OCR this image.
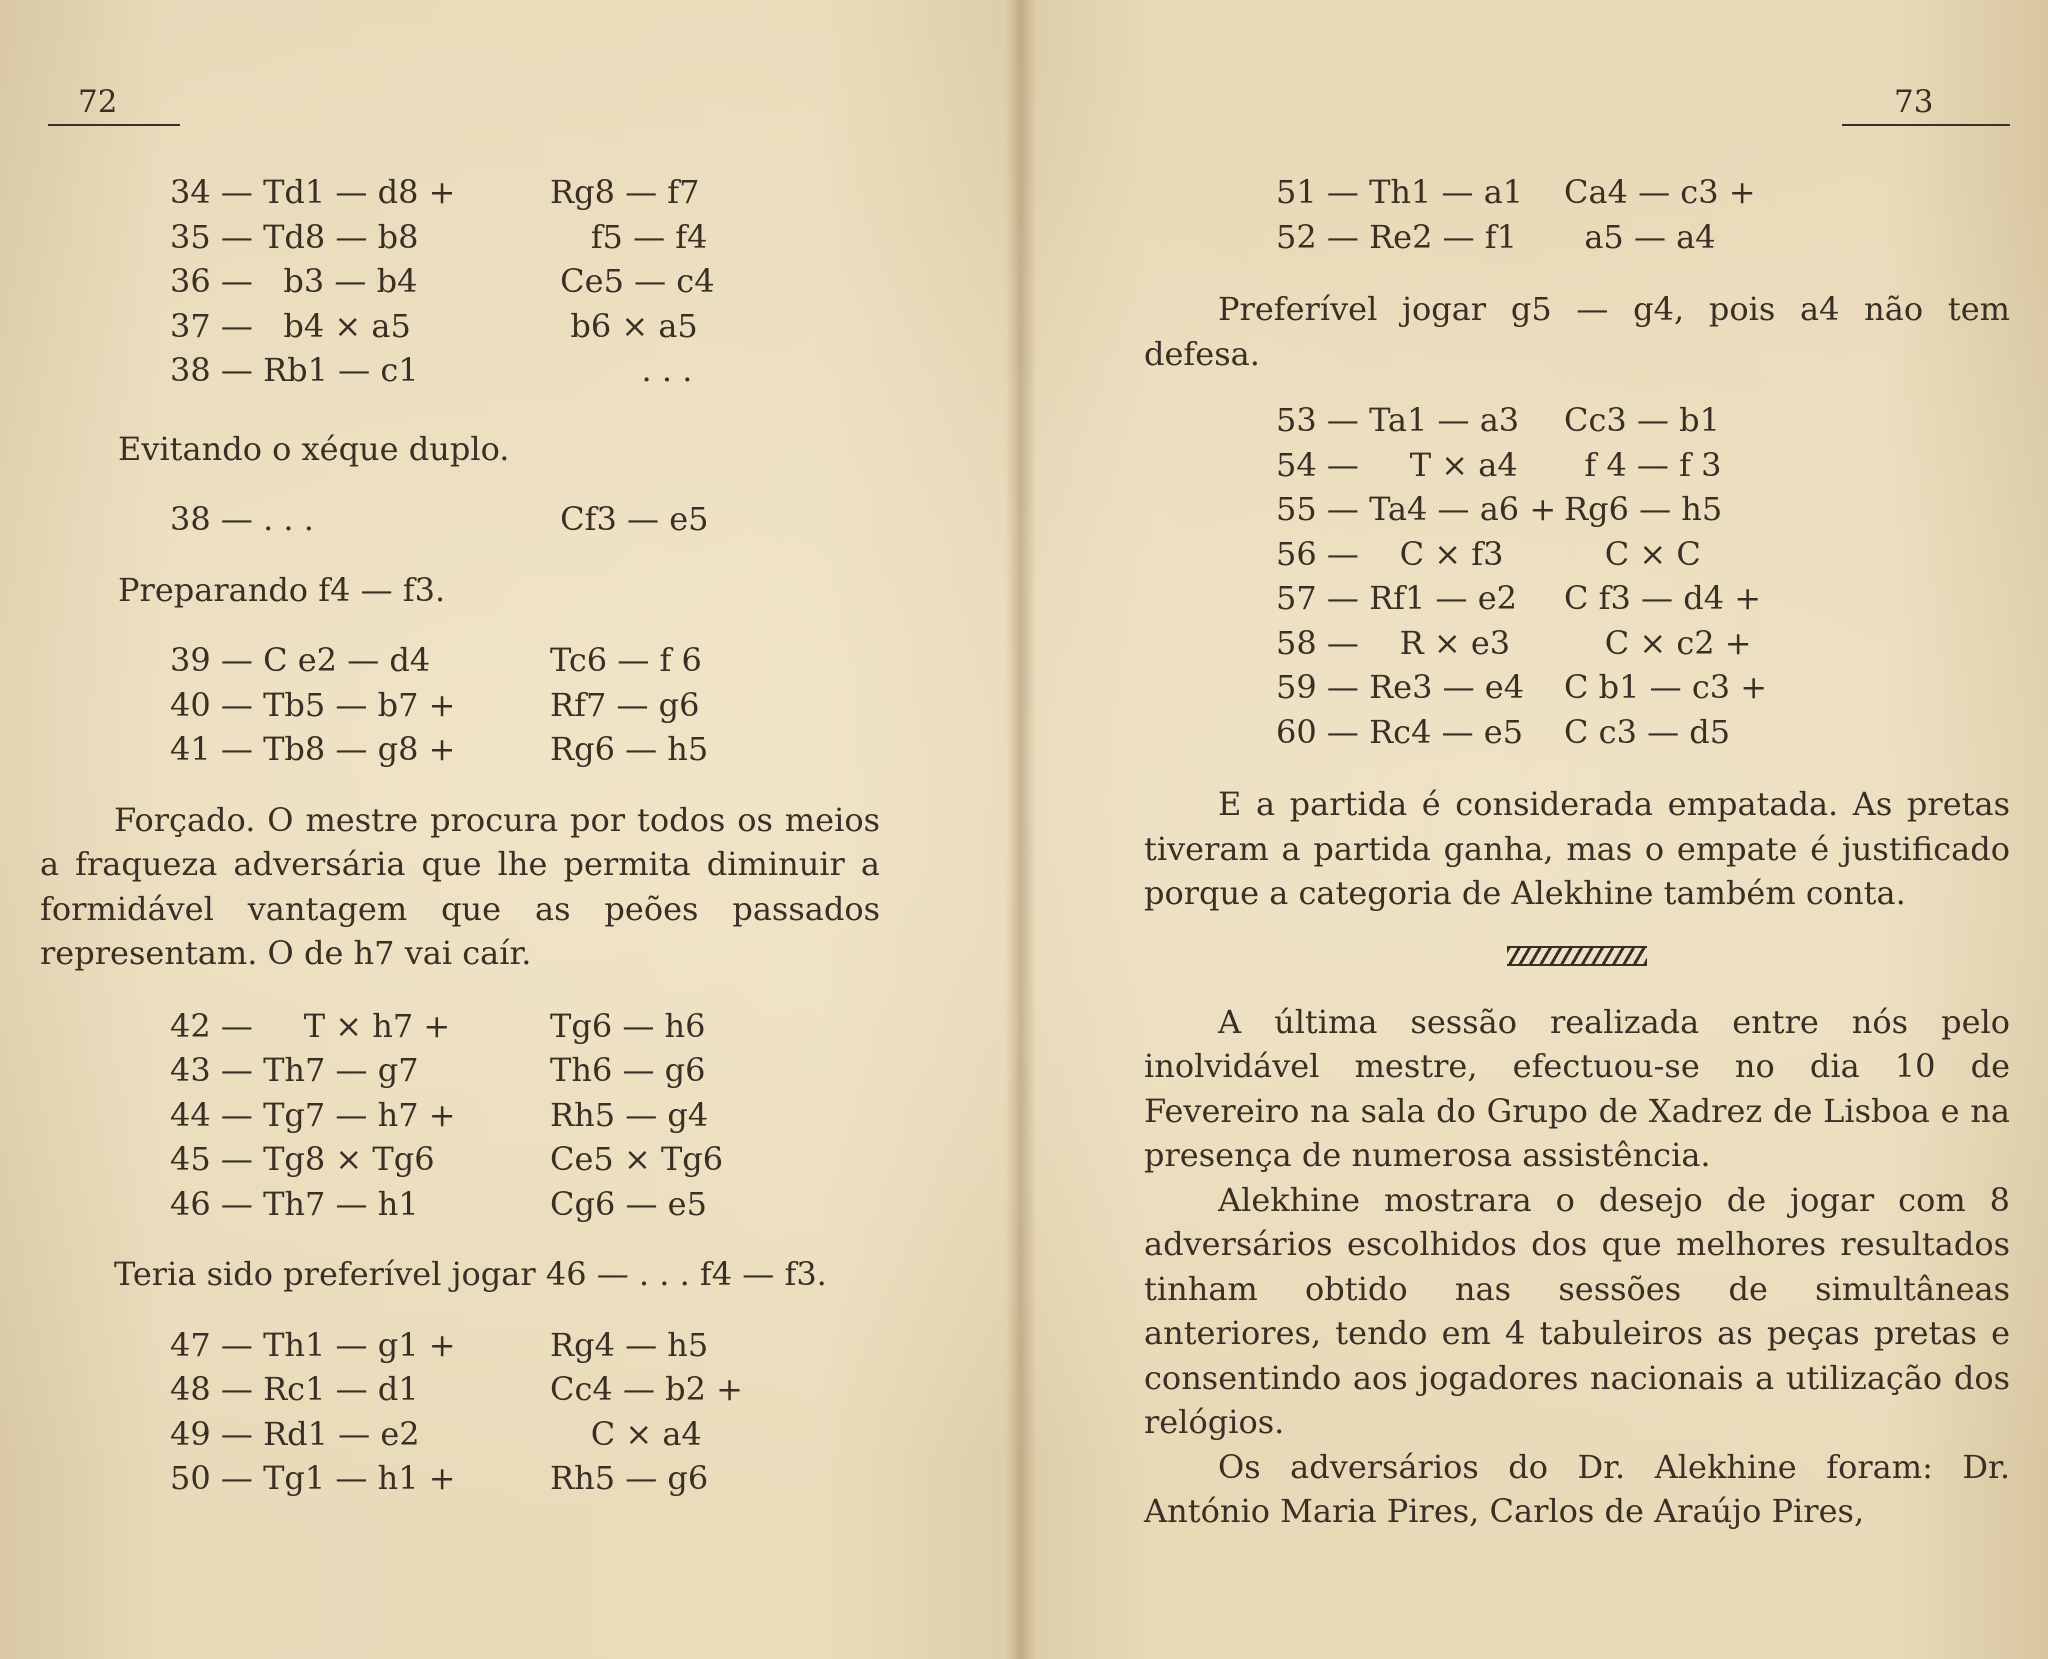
72
34 — Td1 — d8 +	Rg8 — f7
35 — Td8 — b8	f5 — f4
36 —   b3 — b4	Ce5 — c4
37 —   b4 × a5	b6 × a5
38 — Rb1 — c1	. . .

Evitando o xéque duplo.

38 — . . .	Cf3 — e5

Preparando f4 — f3.

39 — C e2 — d4	Tc6 — f 6
40 — Tb5 — b7 +	Rf7 — g6
41 — Tb8 — g8 +	Rg6 — h5

Forçado. O mestre procura por todos os meios a fraqueza adversária que lhe permita diminuir a formidável vantagem que as peões passados representam. O de h7 vai caír.

42 —     T × h7 +	Tg6 — h6
43 — Th7 — g7	Th6 — g6
44 — Tg7 — h7 +	Rh5 — g4
45 — Tg8 × Tg6	Ce5 × Tg6
46 — Th7 — h1	Cg6 — e5

Teria sido preferível jogar 46 — . . . f4 — f3.

47 — Th1 — g1 +	Rg4 — h5
48 — Rc1 — d1	Cc4 — b2 +
49 — Rd1 — e2	C × a4
50 — Tg1 — h1 +	Rh5 — g6
73
51 — Th1 — a1	Ca4 — c3 +
52 — Re2 — f1	a5 — a4

Preferível jogar g5 — g4, pois a4 não tem defesa.

53 — Ta1 — a3	Cc3 — b1
54 —     T × a4	f 4 — f 3
55 — Ta4 — a6 + Rg6 — h5
56 —    C × f3	C × C
57 — Rf1 — e2	C f3 — d4 +
58 —    R × e3	C × c2 +
59 — Re3 — e4	C b1 — c3 +
60 — Rc4 — e5	C c3 — d5

E a partida é considerada empatada. As pretas tiveram a partida ganha, mas o empate é justificado porque a categoria de Alekhine também conta.

A última sessão realizada entre nós pelo inolvidável mestre, efectuou-se no dia 10 de Fevereiro na sala do Grupo de Xadrez de Lisboa e na presença de numerosa assistência.

Alekhine mostrara o desejo de jogar com 8 adversários escolhidos dos que melhores resultados tinham obtido nas sessões de simultâneas anteriores, tendo em 4 tabuleiros as peças pretas e consentindo aos jogadores nacionais a utilização dos relógios.

Os adversários do Dr. Alekhine foram: Dr. António Maria Pires, Carlos de Araújo Pires,
